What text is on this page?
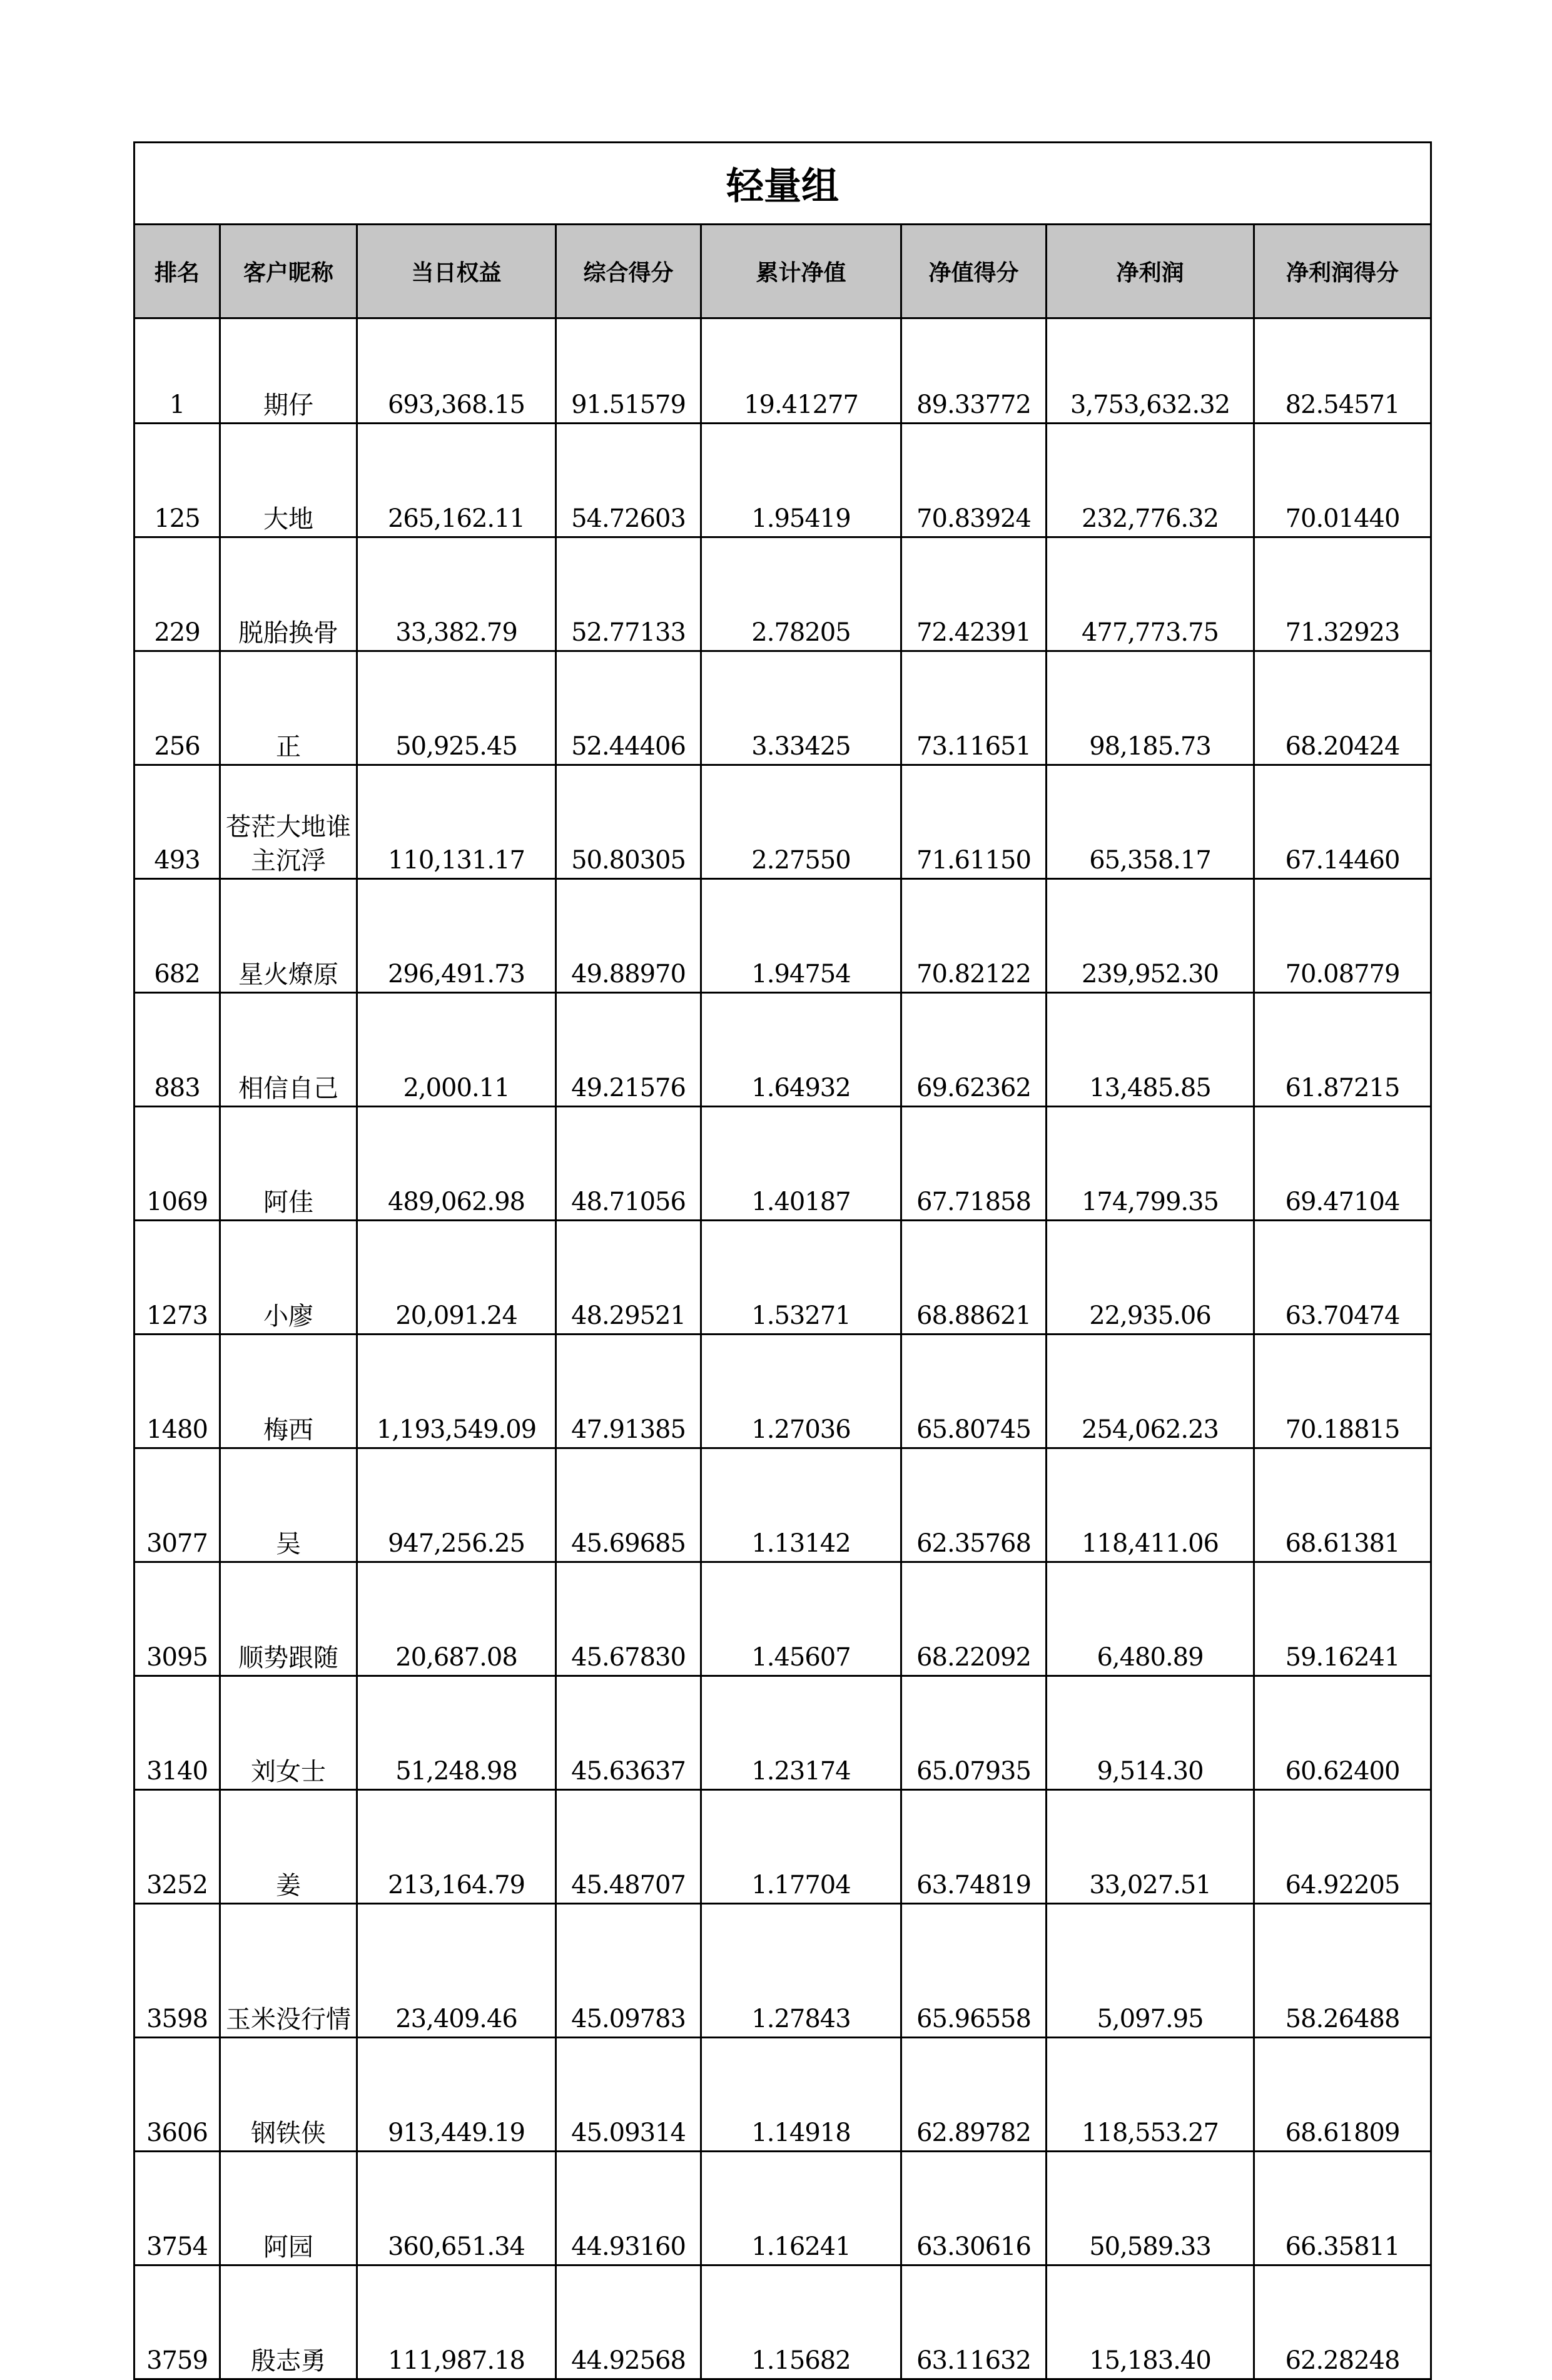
轻量组							
排名	客户昵称	当日权益	综合得分	累计净值	净值得分	净利润	净利润得分
1	期仔	693,368.15	91.51579	19.41277	89.33772	3,753,632.32	82.54571
125	大地	265,162.11	54.72603	1.95419	70.83924	232,776.32	70.01440
229	脱胎换骨	33,382.79	52.77133	2.78205	72.42391	477,773.75	71.32923
256	正	50,925.45	52.44406	3.33425	73.11651	98,185.73	68.20424
493	苍茫大地谁主沉浮	110,131.17	50.80305	2.27550	71.61150	65,358.17	67.14460
682	星火燎原	296,491.73	49.88970	1.94754	70.82122	239,952.30	70.08779
883	相信自己	2,000.11	49.21576	1.64932	69.62362	13,485.85	61.87215
1069	阿佳	489,062.98	48.71056	1.40187	67.71858	174,799.35	69.47104
1273	小廖	20,091.24	48.29521	1.53271	68.88621	22,935.06	63.70474
1480	梅西	1,193,549.09	47.91385	1.27036	65.80745	254,062.23	70.18815
3077	吴	947,256.25	45.69685	1.13142	62.35768	118,411.06	68.61381
3095	顺势跟随	20,687.08	45.67830	1.45607	68.22092	6,480.89	59.16241
3140	刘女士	51,248.98	45.63637	1.23174	65.07935	9,514.30	60.62400
3252	姜	213,164.79	45.48707	1.17704	63.74819	33,027.51	64.92205
3598	玉米没行情	23,409.46	45.09783	1.27843	65.96558	5,097.95	58.26488
3606	钢铁侠	913,449.19	45.09314	1.14918	62.89782	118,553.27	68.61809
3754	阿园	360,651.34	44.93160	1.16241	63.30616	50,589.33	66.35811
3759	殷志勇	111,987.18	44.92568	1.15682	63.11632	15,183.40	62.28248
